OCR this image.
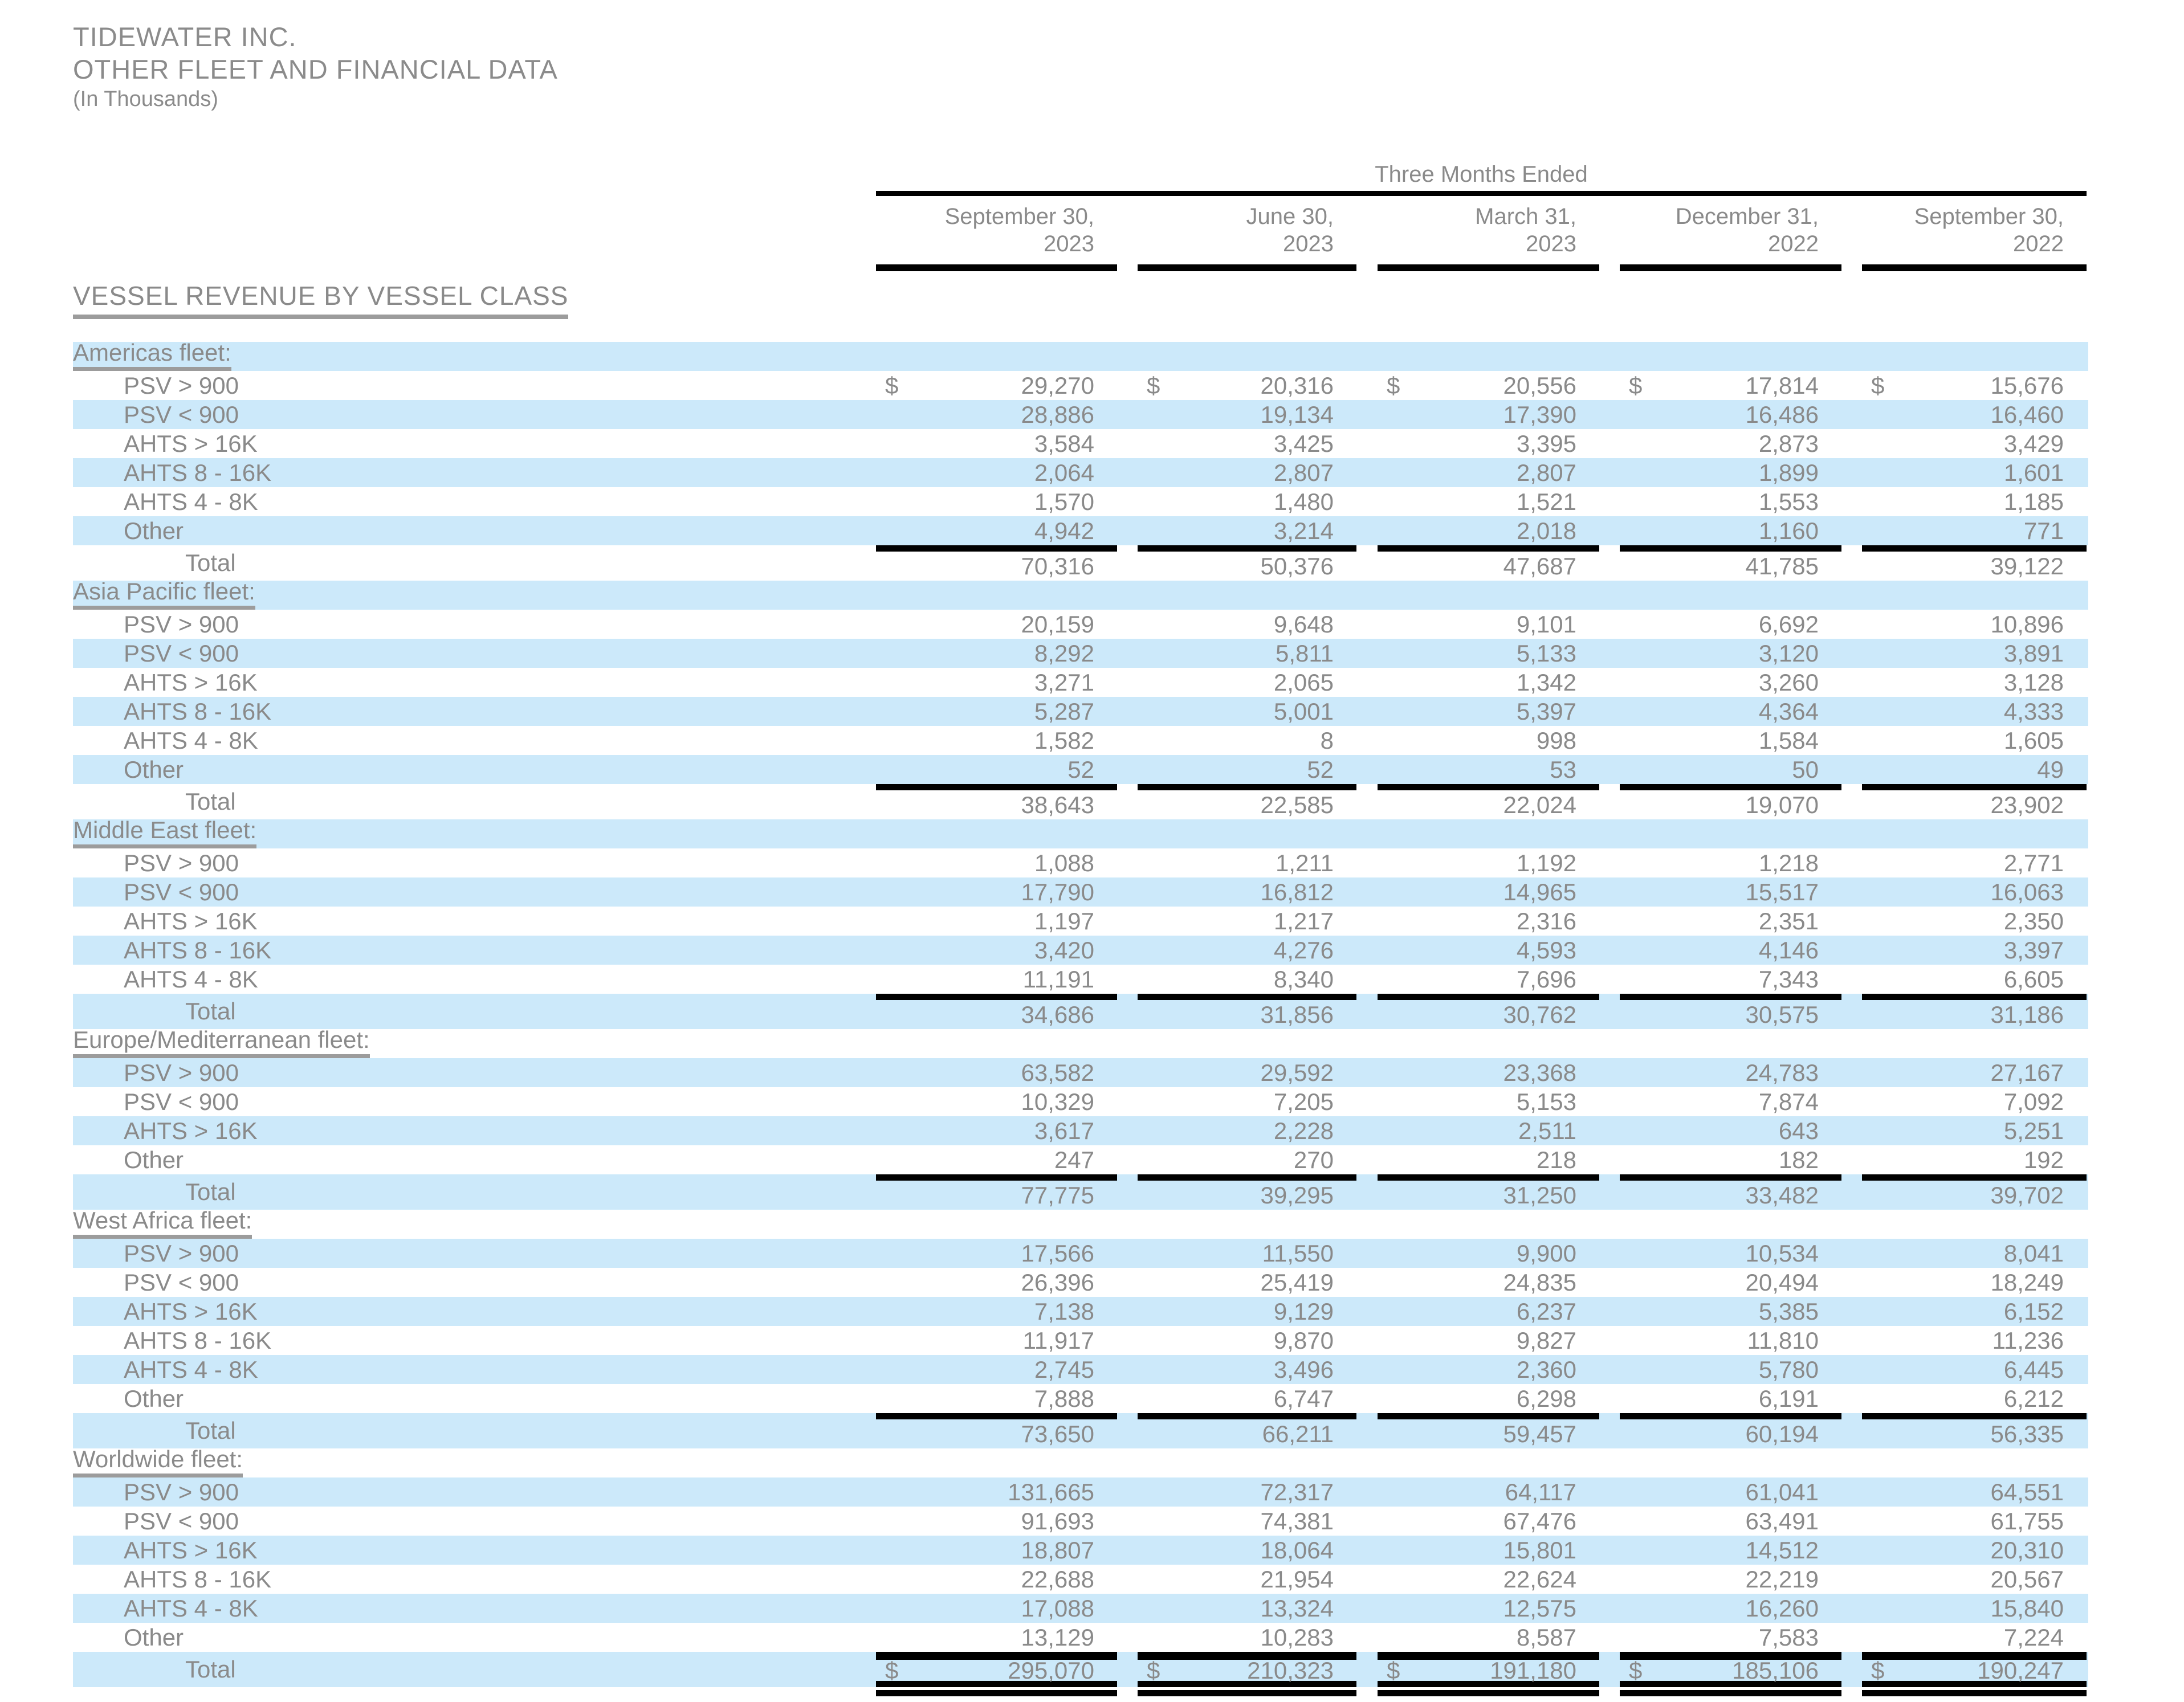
TIDEWATER INC.
OTHER FLEET AND FINANCIAL DATA
(In Thousands)
Three Months Ended
September 30,
2023
June 30,
2023
March 31,
2023
December 31,
2022
September 30,
2022
VESSEL REVENUE BY VESSEL CLASS
Americas fleet:
PSV > 900	$	29,270 $	20,316 $	20,556 $	17,814 $	15,676
PSV < 900	28,886	19,134	17,390	16,486	16,460
AHTS > 16K	3,584	3,425	3,395	2,873	3,429
AHTS 8 - 16K	2,064	2,807	2,807	1,899	1,601
AHTS 4 - 8K	1,570	1,480	1,521	1,553	1,185
Other	4,942	3,214	2,018	1,160	771
Total	70,316	50,376	47,687	41,785	39,122
Asia Pacific fleet:
PSV > 900	20,159	9,648	9,101	6,692	10,896
PSV < 900	8,292	5,811	5,133	3,120	3,891
AHTS > 16K	3,271	2,065	1,342	3,260	3,128
AHTS 8 - 16K	5,287	5,001	5,397	4,364	4,333
AHTS 4 - 8K	1,582	8	998	1,584	1,605
Other	52	52	53	50	49
Total	38,643	22,585	22,024	19,070	23,902
Middle East fleet:
PSV > 900	1,088	1,211	1,192	1,218	2,771
PSV < 900	17,790	16,812	14,965	15,517	16,063
AHTS > 16K	1,197	1,217	2,316	2,351	2,350
AHTS 8 - 16K	3,420	4,276	4,593	4,146	3,397
AHTS 4 - 8K	11,191	8,340	7,696	7,343	6,605
Total	34,686	31,856	30,762	30,575	31,186
Europe/Mediterranean fleet:
PSV > 900	63,582	29,592	23,368	24,783	27,167
PSV < 900	10,329	7,205	5,153	7,874	7,092
AHTS > 16K	3,617	2,228	2,511	643	5,251
Other	247	270	218	182	192
Total	77,775	39,295	31,250	33,482	39,702
West Africa fleet:
PSV > 900	17,566	11,550	9,900	10,534	8,041
PSV < 900	26,396	25,419	24,835	20,494	18,249
AHTS > 16K	7,138	9,129	6,237	5,385	6,152
AHTS 8 - 16K	11,917	9,870	9,827	11,810	11,236
AHTS 4 - 8K	2,745	3,496	2,360	5,780	6,445
Other	7,888	6,747	6,298	6,191	6,212
Total	73,650	66,211	59,457	60,194	56,335
Worldwide fleet:
PSV > 900	131,665	72,317	64,117	61,041	64,551
PSV < 900	91,693	74,381	67,476	63,491	61,755
AHTS > 16K	18,807	18,064	15,801	14,512	20,310
AHTS 8 - 16K	22,688	21,954	22,624	22,219	20,567
AHTS 4 - 8K	17,088	13,324	12,575	16,260	15,840
Other	13,129	10,283	8,587	7,583	7,224
Total	$	295,070 $	210,323 $	191,180 $	185,106 $	190,247
